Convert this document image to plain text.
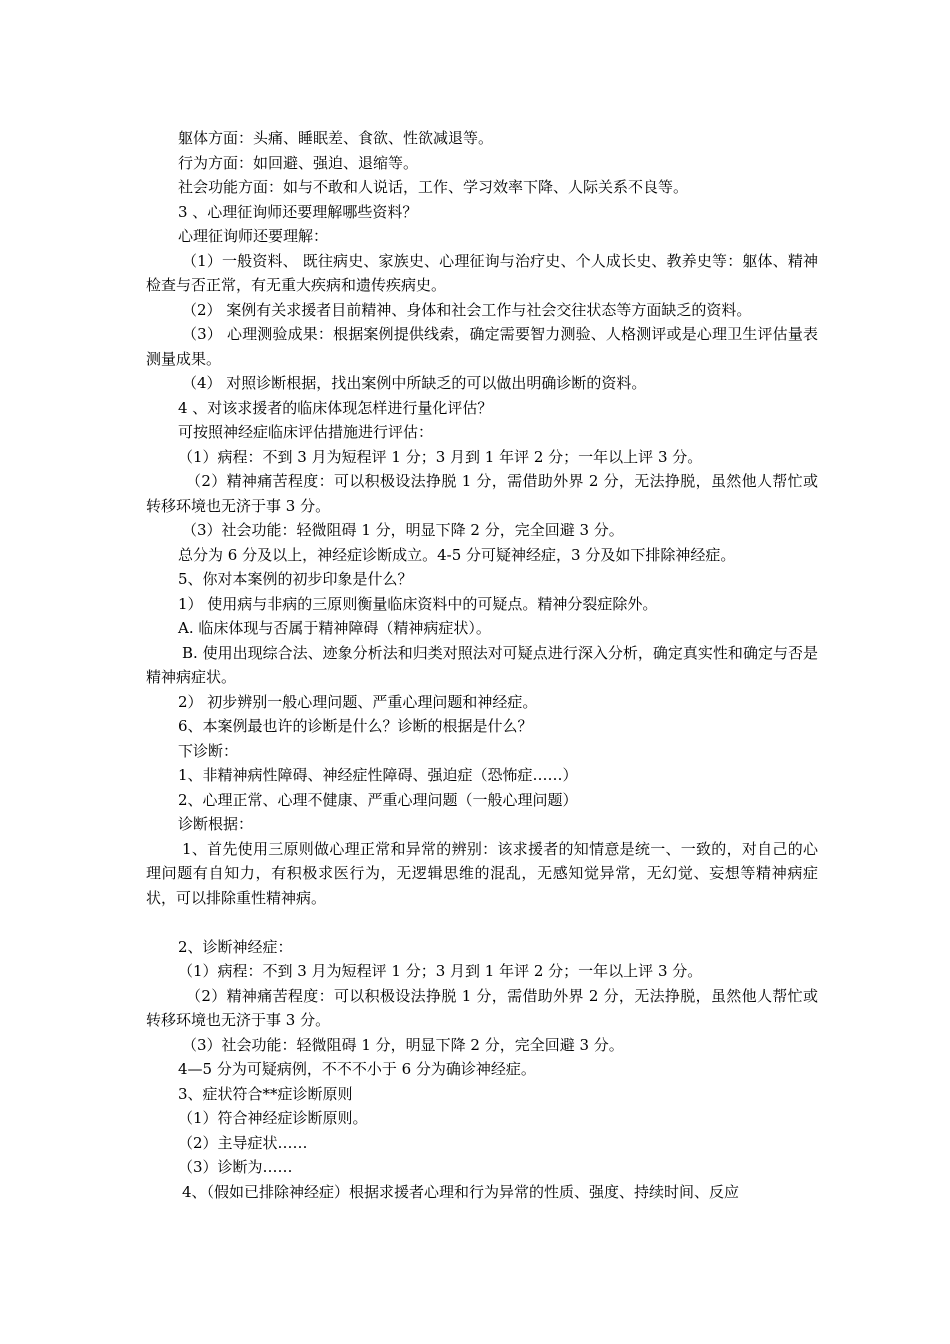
躯体方面：头痛、睡眠差、食欲、性欲减退等。

行为方面：如回避、强迫、退缩等。

社会功能方面：如与不敢和人说话，工作、学习效率下降、人际关系不良等。

3 、心理征询师还要理解哪些资料？

心理征询师还要理解：

（1）一般资料、 既往病史、家族史、心理征询与治疗史、个人成长史、教养史等：躯体、精神检查与否正常，有无重大疾病和遗传疾病史。

（2） 案例有关求援者目前精神、身体和社会工作与社会交往状态等方面缺乏的资料。

（3） 心理测验成果：根据案例提供线索，确定需要智力测验、人格测评或是心理卫生评估量表测量成果。

（4） 对照诊断根据，找出案例中所缺乏的可以做出明确诊断的资料。

4 、对该求援者的临床体现怎样进行量化评估？

可按照神经症临床评估措施进行评估：

（1）病程：不到 3 月为短程评 1 分；3 月到 1 年评 2 分；一年以上评 3 分。

（2）精神痛苦程度：可以积极设法挣脱 1 分，需借助外界 2 分，无法挣脱，虽然他人帮忙或转移环境也无济于事 3 分。

（3）社会功能：轻微阻碍 1 分，明显下降 2 分，完全回避 3 分。

总分为 6 分及以上，神经症诊断成立。4-5 分可疑神经症，3 分及如下排除神经症。

5、你对本案例的初步印象是什么？

1） 使用病与非病的三原则衡量临床资料中的可疑点。精神分裂症除外。

A. 临床体现与否属于精神障碍（精神病症状）。

B. 使用出现综合法、迹象分析法和归类对照法对可疑点进行深入分析，确定真实性和确定与否是精神病症状。

2） 初步辨别一般心理问题、严重心理问题和神经症。

6、本案例最也许的诊断是什么？诊断的根据是什么？

下诊断：

1、非精神病性障碍、神经症性障碍、强迫症（恐怖症……）

2、心理正常、心理不健康、严重心理问题（一般心理问题）

诊断根据：

1、首先使用三原则做心理正常和异常的辨别：该求援者的知情意是统一、一致的，对自己的心理问题有自知力，有积极求医行为，无逻辑思维的混乱，无感知觉异常，无幻觉、妄想等精神病症状，可以排除重性精神病。

2、诊断神经症：

（1）病程：不到 3 月为短程评 1 分；3 月到 1 年评 2 分；一年以上评 3 分。

（2）精神痛苦程度：可以积极设法挣脱 1 分，需借助外界 2 分，无法挣脱，虽然他人帮忙或转移环境也无济于事 3 分。

（3）社会功能：轻微阻碍 1 分，明显下降 2 分，完全回避 3 分。

4—5 分为可疑病例，不不不小于 6 分为确诊神经症。

3、症状符合**症诊断原则

（1）符合神经症诊断原则。

（2）主导症状……

（3）诊断为……

4、（假如已排除神经症）根据求援者心理和行为异常的性质、强度、持续时间、反应
